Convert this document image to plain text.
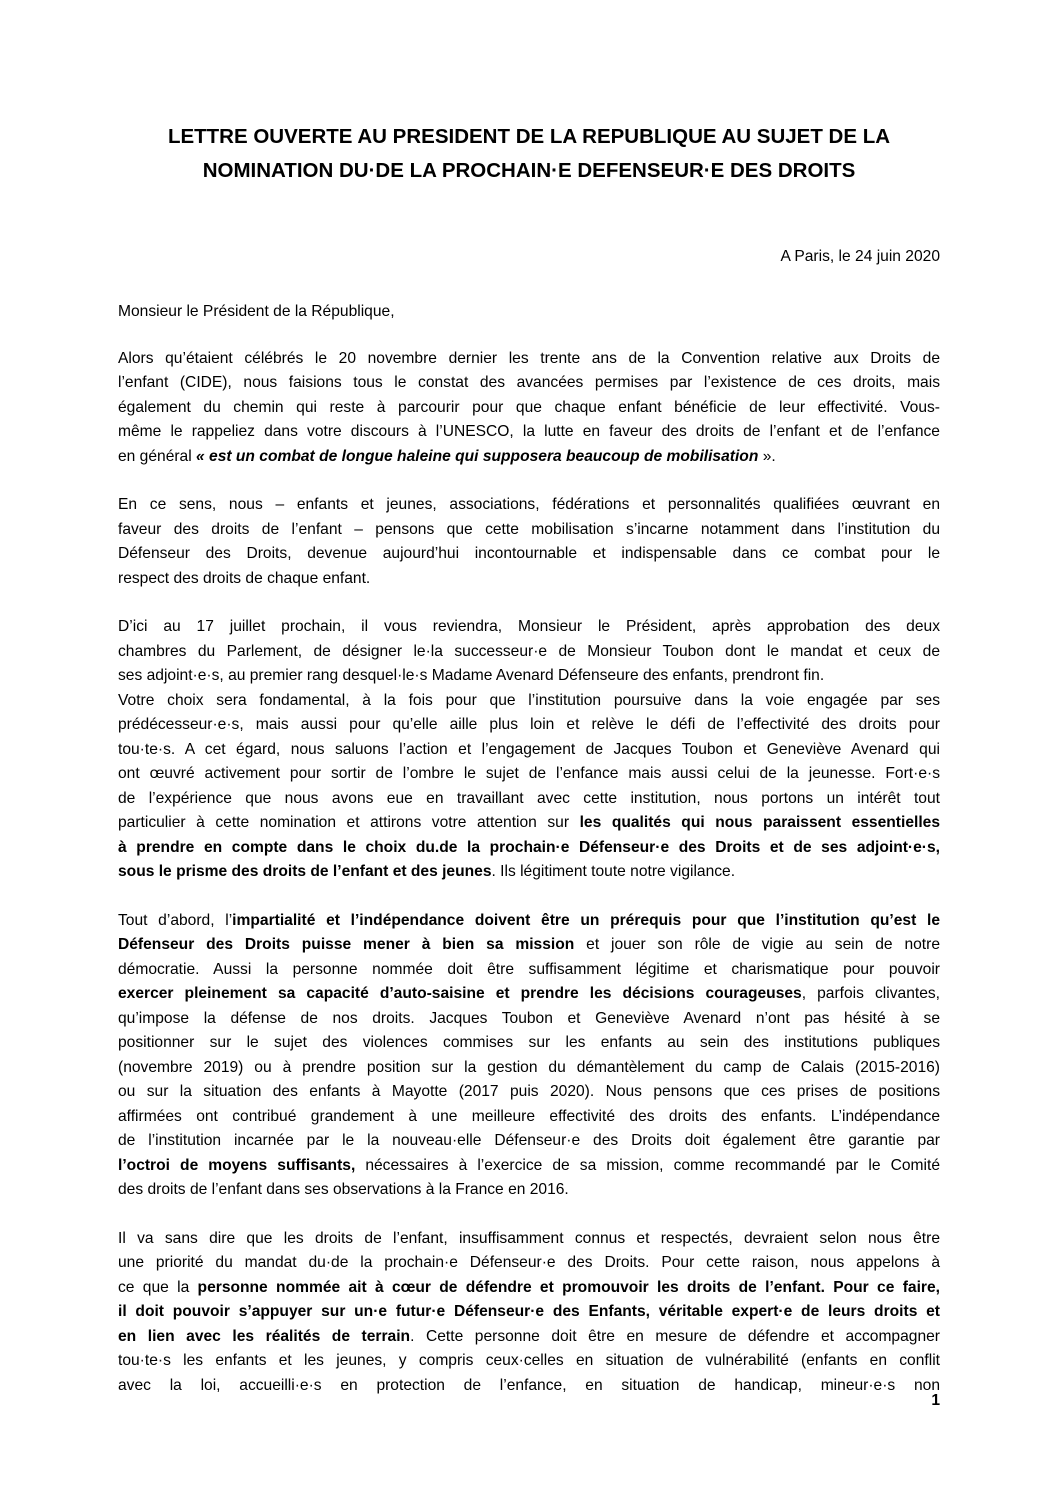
LETTRE OUVERTE AU PRESIDENT DE LA REPUBLIQUE AU SUJET DE LA
NOMINATION DU·DE LA PROCHAIN·E DEFENSEUR·E DES DROITS
A Paris, le 24 juin 2020
Monsieur le Président de la République,
Alors qu’étaient célébrés le 20 novembre dernier les trente ans de la Convention relative aux Droits de
l’enfant (CIDE), nous faisions tous le constat des avancées permises par l’existence de ces droits, mais
également du chemin qui reste à parcourir pour que chaque enfant bénéficie de leur effectivité. Vous-
même le rappeliez dans votre discours à l’UNESCO, la lutte en faveur des droits de l’enfant et de l’enfance
en général « est un combat de longue haleine qui supposera beaucoup de mobilisation ».
En ce sens, nous – enfants et jeunes, associations, fédérations et personnalités qualifiées œuvrant en
faveur des droits de l’enfant – pensons que cette mobilisation s’incarne notamment dans l’institution du
Défenseur des Droits, devenue aujourd’hui incontournable et indispensable dans ce combat pour le
respect des droits de chaque enfant.
D’ici au 17 juillet prochain, il vous reviendra, Monsieur le Président, après approbation des deux
chambres du Parlement, de désigner le·la successeur·e de Monsieur Toubon dont le mandat et ceux de
ses adjoint·e·s, au premier rang desquel·le·s Madame Avenard Défenseure des enfants, prendront fin.
Votre choix sera fondamental, à la fois pour que l’institution poursuive dans la voie engagée par ses
prédécesseur·e·s, mais aussi pour qu’elle aille plus loin et relève le défi de l’effectivité des droits pour
tou·te·s. A cet égard, nous saluons l’action et l’engagement de Jacques Toubon et Geneviève Avenard qui
ont œuvré activement pour sortir de l’ombre le sujet de l’enfance mais aussi celui de la jeunesse. Fort·e·s
de l’expérience que nous avons eue en travaillant avec cette institution, nous portons un intérêt tout
particulier à cette nomination et attirons votre attention sur les qualités qui nous paraissent essentielles
à prendre en compte dans le choix du.de la prochain·e Défenseur·e des Droits et de ses adjoint·e·s,
sous le prisme des droits de l’enfant et des jeunes. Ils légitiment toute notre vigilance.
Tout d’abord, l’impartialité et l’indépendance doivent être un prérequis pour que l’institution qu’est le
Défenseur des Droits puisse mener à bien sa mission et jouer son rôle de vigie au sein de notre
démocratie. Aussi la personne nommée doit être suffisamment légitime et charismatique pour pouvoir
exercer pleinement sa capacité d’auto-saisine et prendre les décisions courageuses, parfois clivantes,
qu’impose la défense de nos droits. Jacques Toubon et Geneviève Avenard n’ont pas hésité à se
positionner sur le sujet des violences commises sur les enfants au sein des institutions publiques
(novembre 2019) ou à prendre position sur la gestion du démantèlement du camp de Calais (2015-2016)
ou sur la situation des enfants à Mayotte (2017 puis 2020). Nous pensons que ces prises de positions
affirmées ont contribué grandement à une meilleure effectivité des droits des enfants. L’indépendance
de l’institution incarnée par le la nouveau·elle Défenseur·e des Droits doit également être garantie par
l’octroi de moyens suffisants, nécessaires à l’exercice de sa mission, comme recommandé par le Comité
des droits de l’enfant dans ses observations à la France en 2016.
Il va sans dire que les droits de l’enfant, insuffisamment connus et respectés, devraient selon nous être
une priorité du mandat du·de la prochain·e Défenseur·e des Droits. Pour cette raison, nous appelons à
ce que la personne nommée ait à cœur de défendre et promouvoir les droits de l’enfant. Pour ce faire,
il doit pouvoir s’appuyer sur un·e futur·e Défenseur·e des Enfants, véritable expert·e de leurs droits et
en lien avec les réalités de terrain. Cette personne doit être en mesure de défendre et accompagner
tou·te·s les enfants et les jeunes, y compris ceux·celles en situation de vulnérabilité (enfants en conflit
avec la loi, accueilli·e·s en protection de l’enfance, en situation de handicap, mineur·e·s non
1
